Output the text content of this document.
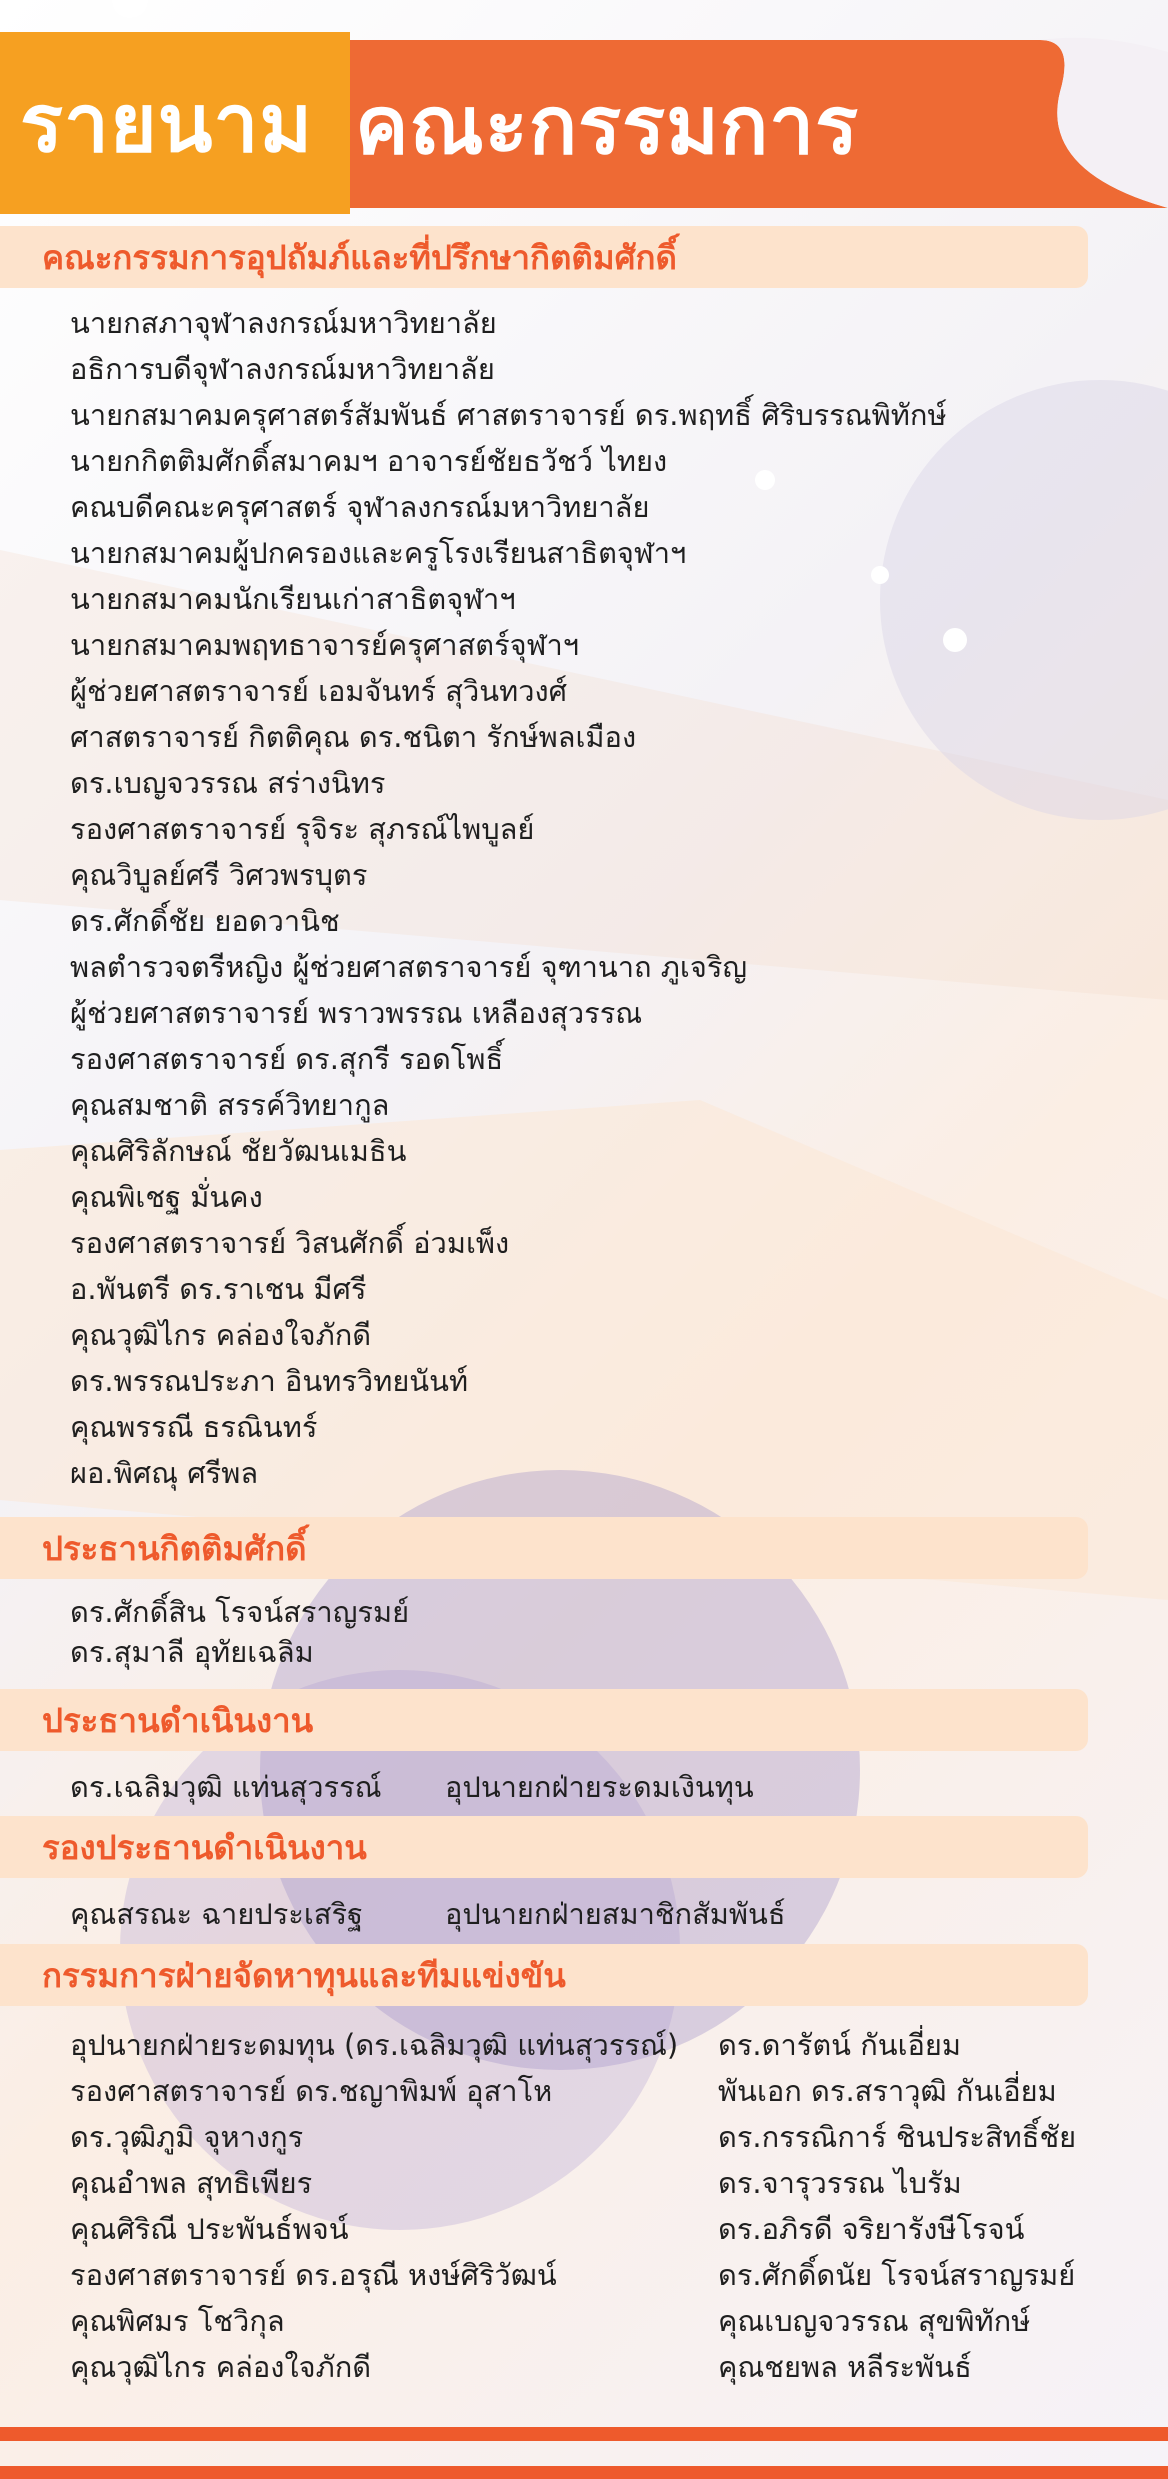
รายนาม คณะกรรมการ
คณะกรรมการอุปถัมภ์และที่ปรึกษากิตติมศักดิ์
นายกสภาจุฬาลงกรณ์มหาวิทยาลัย
อธิการบดีจุฬาลงกรณ์มหาวิทยาลัย
นายกสมาคมครุศาสตร์สัมพันธ์ ศาสตราจารย์ ดร.พฤทธิ์ ศิริบรรณพิทักษ์
นายกกิตติมศักดิ์สมาคมฯ อาจารย์ชัยธวัชว์ ไทยง
คณบดีคณะครุศาสตร์ จุฬาลงกรณ์มหาวิทยาลัย
นายกสมาคมผู้ปกครองและครูโรงเรียนสาธิตจุฬาฯ
นายกสมาคมนักเรียนเก่าสาธิตจุฬาฯ
นายกสมาคมพฤทธาจารย์ครุศาสตร์จุฬาฯ
ผู้ช่วยศาสตราจารย์ เอมจันทร์ สุวินทวงศ์
ศาสตราจารย์ กิตติคุณ ดร.ชนิตา รักษ์พลเมือง
ดร.เบญจวรรณ สร่างนิทร
รองศาสตราจารย์ รุจิระ สุภรณ์ไพบูลย์
คุณวิบูลย์ศรี วิศวพรบุตร
ดร.ศักดิ์ชัย ยอดวานิช
พลตำรวจตรีหญิง ผู้ช่วยศาสตราจารย์ จุฑานาถ ภูเจริญ
ผู้ช่วยศาสตราจารย์ พราวพรรณ เหลืองสุวรรณ
รองศาสตราจารย์ ดร.สุกรี รอดโพธิ์
คุณสมชาติ สรรค์วิทยากูล
คุณศิริลักษณ์ ชัยวัฒนเมธิน
คุณพิเชฐ มั่นคง
รองศาสตราจารย์ วิสนศักดิ์ อ่วมเพ็ง
อ.พันตรี ดร.ราเชน มีศรี
คุณวุฒิไกร คล่องใจภักดี
ดร.พรรณประภา อินทรวิทยนันท์
คุณพรรณี ธรณินทร์
ผอ.พิศณุ ศรีพล
ประธานกิตติมศักดิ์
ดร.ศักดิ์สิน โรจน์สราญรมย์
ดร.สุมาลี อุทัยเฉลิม
ประธานดำเนินงาน
ดร.เฉลิมวุฒิ แท่นสุวรรณ์ อุปนายกฝ่ายระดมเงินทุน
รองประธานดำเนินงาน
คุณสรณะ ฉายประเสริฐ	อุปนายกฝ่ายสมาชิกสัมพันธ์
กรรมการฝ่ายจัดหาทุนและทีมแข่งขัน
อุปนายกฝ่ายระดมทุน (ดร.เฉลิมวุฒิ แท่นสุวรรณ์)
รองศาสตราจารย์ ดร.ชญาพิมพ์ อุสาโห
ดร.วุฒิภูมิ จุหางกูร
คุณอำพล สุทธิเพียร
คุณศิริณี ประพันธ์พจน์
รองศาสตราจารย์ ดร.อรุณี หงษ์ศิริวัฒน์
คุณพิศมร โชวิกุล
คุณวุฒิไกร คล่องใจภักดี
ดร.ดารัตน์ กันเอี่ยม
พันเอก ดร.สราวุฒิ กันเอี่ยม
ดร.กรรณิการ์ ชินประสิทธิ์ชัย
ดร.จารุวรรณ ไบรัม
ดร.อภิรดี จริยารังษีโรจน์
ดร.ศักดิ์ดนัย โรจน์สราญรมย์
คุณเบญจวรรณ สุขพิทักษ์
คุณชยพล หลีระพันธ์
